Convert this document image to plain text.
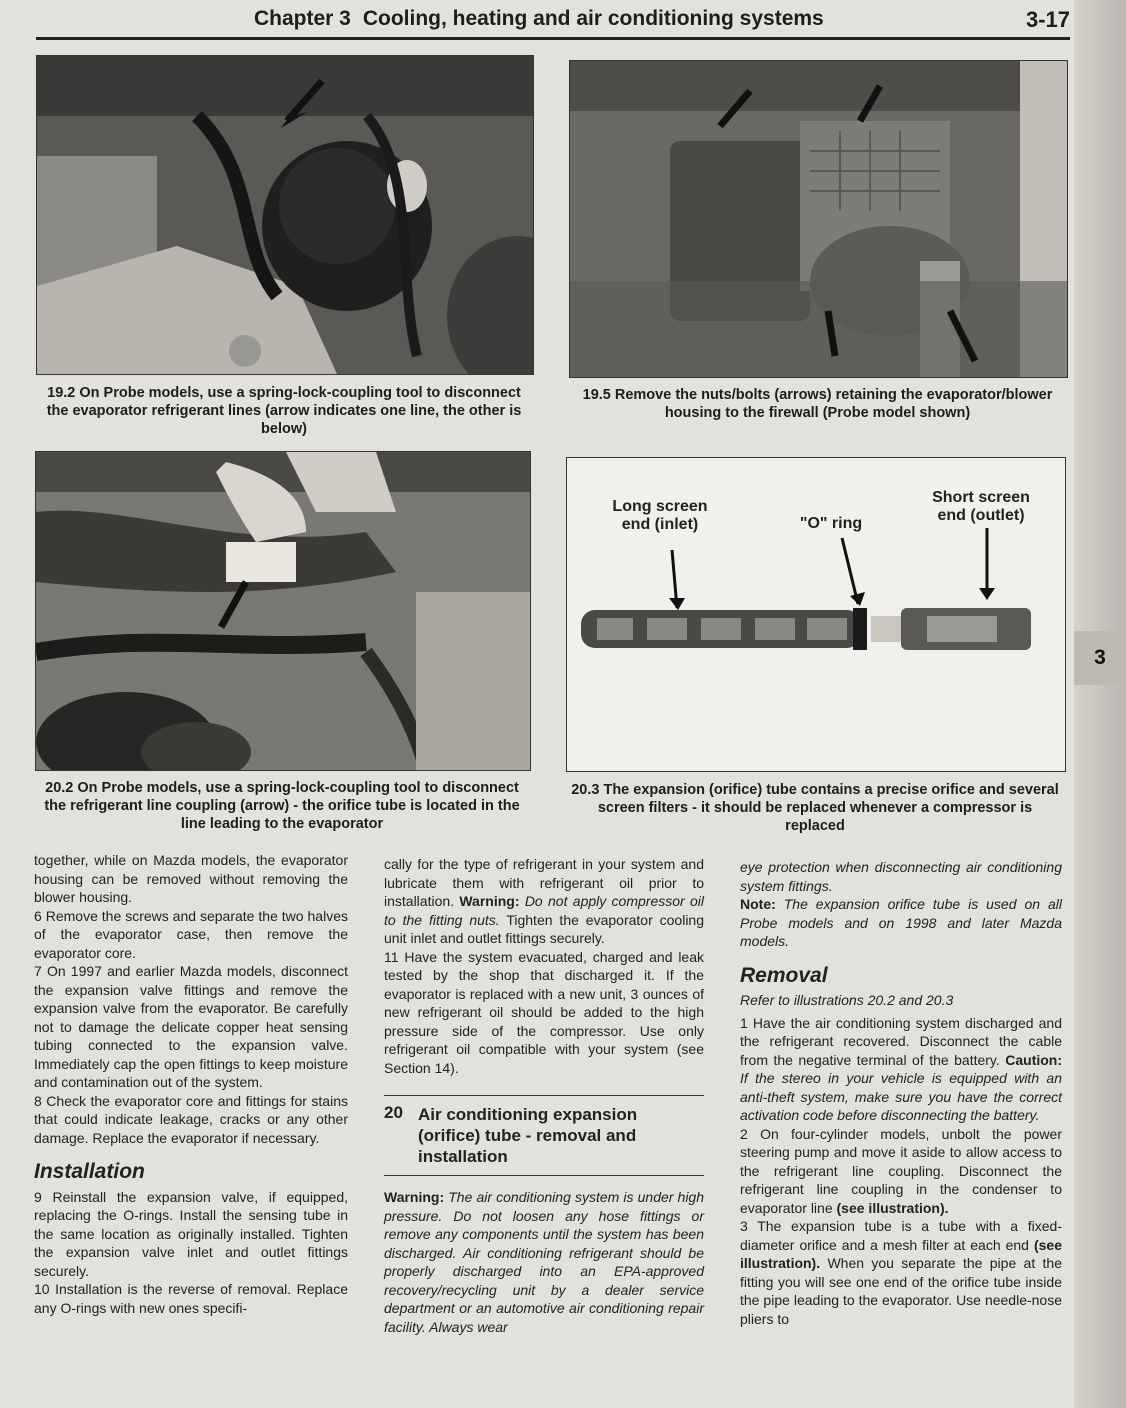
3
Chapter 3 Cooling, heating and air conditioning systems	3-17
19.2 On Probe models, use a spring-lock-coupling tool to disconnect the evaporator refrigerant lines (arrow indicates one line, the other is below)
19.5 Remove the nuts/bolts (arrows) retaining the evaporator/blower housing to the firewall (Probe model shown)
20.2 On Probe models, use a spring-lock-coupling tool to disconnect the refrigerant line coupling (arrow) - the orifice tube is located in the line leading to the evaporator
Long screen
end (inlet)	"O" ring
Short screen
end (outlet)
20.3 The expansion (orifice) tube contains a precise orifice and several screen filters - it should be replaced whenever a compressor is replaced

together, while on Mazda models, the evaporator housing can be removed without removing the blower housing.

6 Remove the screws and separate the two halves of the evaporator case, then remove the evaporator core.

7 On 1997 and earlier Mazda models, disconnect the expansion valve fittings and remove the expansion valve from the evaporator. Be carefully not to damage the delicate copper heat sensing tubing connected to the expansion valve. Immediately cap the open fittings to keep moisture and contamination out of the system.

8 Check the evaporator core and fittings for stains that could indicate leakage, cracks or any other damage. Replace the evaporator if necessary.

Installation

9 Reinstall the expansion valve, if equipped, replacing the O-rings. Install the sensing tube in the same location as originally installed. Tighten the expansion valve inlet and outlet fittings securely.

10 Installation is the reverse of removal. Replace any O-rings with new ones specifi-

cally for the type of refrigerant in your system and lubricate them with refrigerant oil prior to installation. Warning: Do not apply compressor oil to the fitting nuts. Tighten the evaporator cooling unit inlet and outlet fittings securely.

11 Have the system evacuated, charged and leak tested by the shop that discharged it. If the evaporator is replaced with a new unit, 3 ounces of new refrigerant oil should be added to the high pressure side of the compressor. Use only refrigerant oil compatible with your system (see Section 14).

20 Air conditioning expansion (orifice) tube - removal and installation

Warning: The air conditioning system is under high pressure. Do not loosen any hose fittings or remove any components until the system has been discharged. Air conditioning refrigerant should be properly discharged into an EPA-approved recovery/recycling unit by a dealer service department or an automotive air conditioning repair facility. Always wear

eye protection when disconnecting air conditioning system fittings.

Note: The expansion orifice tube is used on all Probe models and on 1998 and later Mazda models.

Removal

Refer to illustrations 20.2 and 20.3

1 Have the air conditioning system discharged and the refrigerant recovered. Disconnect the cable from the negative terminal of the battery. Caution: If the stereo in your vehicle is equipped with an anti-theft system, make sure you have the correct activation code before disconnecting the battery.

2 On four-cylinder models, unbolt the power steering pump and move it aside to allow access to the refrigerant line coupling. Disconnect the refrigerant line coupling in the condenser to evaporator line (see illustration).

3 The expansion tube is a tube with a fixed-diameter orifice and a mesh filter at each end (see illustration). When you separate the pipe at the fitting you will see one end of the orifice tube inside the pipe leading to the evaporator. Use needle-nose pliers to
